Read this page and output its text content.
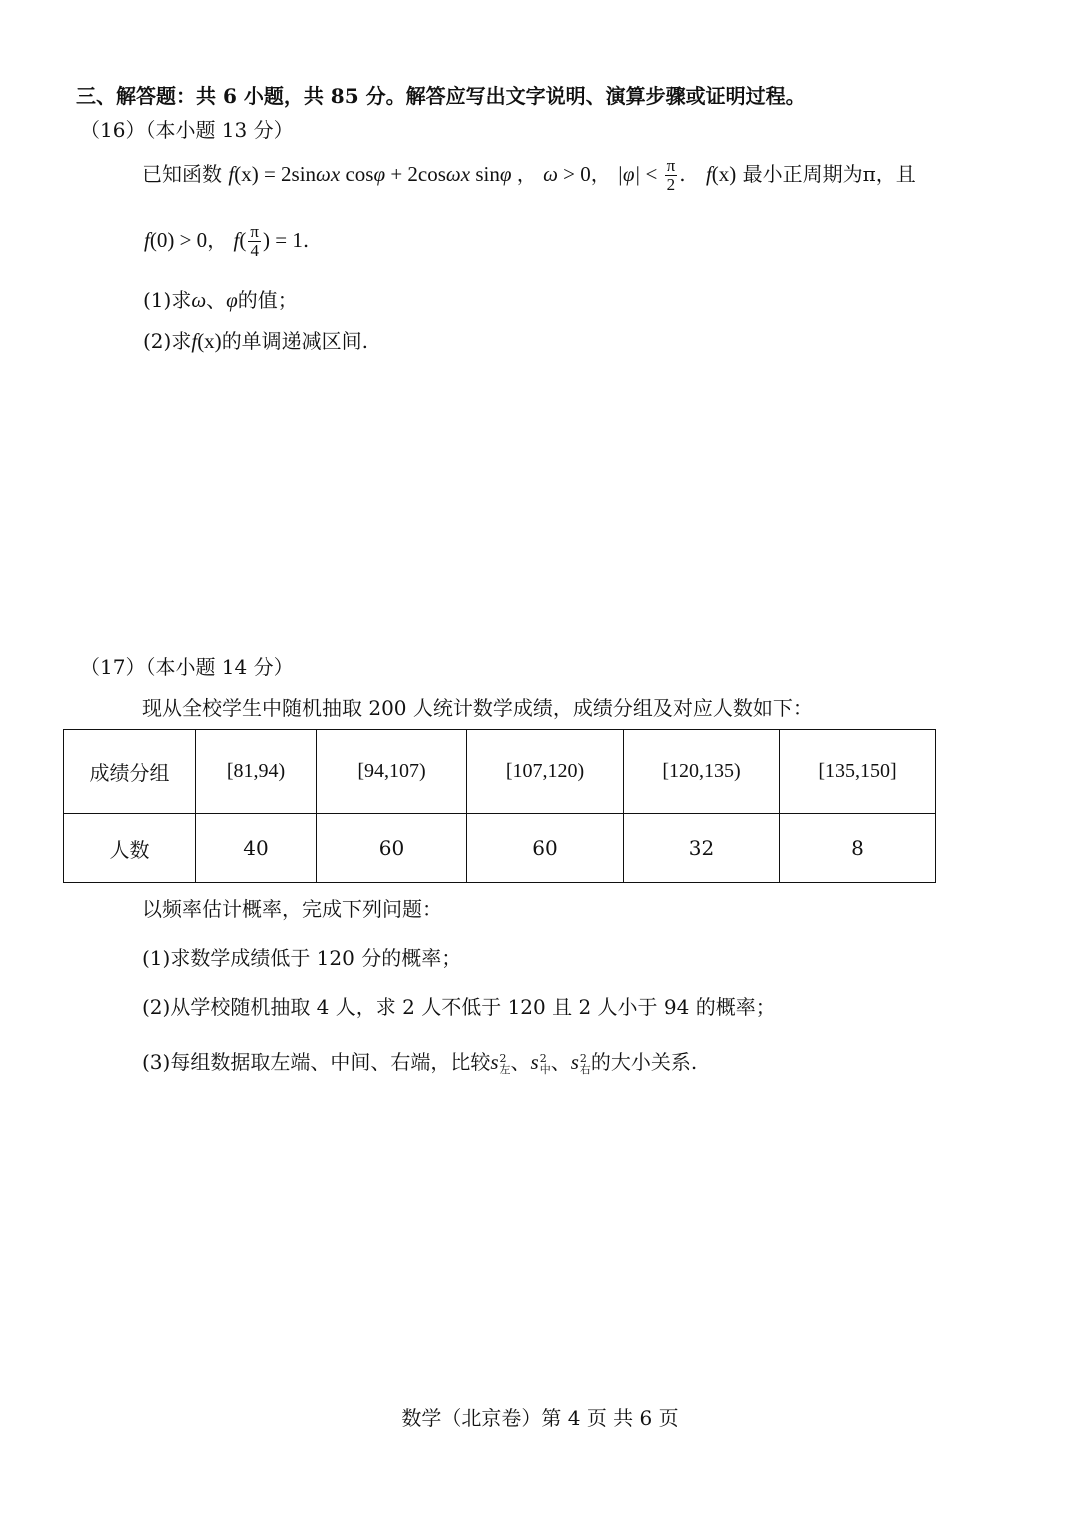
三、解答题：共 6 小题，共 85 分。解答应写出文字说明、演算步骤或证明过程。
（16）（本小题 13 分）
已知函数 f(x) = 2sinωx cosφ + 2cosωx sinφ ， ω > 0， $|\varphi| < \frac{\pi}{2}$ . f(x) 最小正周期为π，且
f(0) > 0， $f( \frac{\pi}{4}$ ) = 1.
(1)求ω、φ的值；
(2)求f(x)的单调递减区间.
（17）（本小题 14 分）
现从全校学生中随机抽取 200 人统计数学成绩，成绩分组及对应人数如下：
成绩分组	[81,94)	[94,107)	[107,120)	[120,135)	[135,150]
人数	40	60	60	32	8
以频率估计概率，完成下列问题：
(1)求数学成绩低于 120 分的概率；
(2)从学校随机抽取 4 人，求 2 人不低于 120 且 2 人小于 94 的概率；
(3)每组数据取左端、中间、右端，比较s 2
左 、s 2
中 、s 2
右 的大小关系.
数学（北京卷）第 4 页 共 6 页
